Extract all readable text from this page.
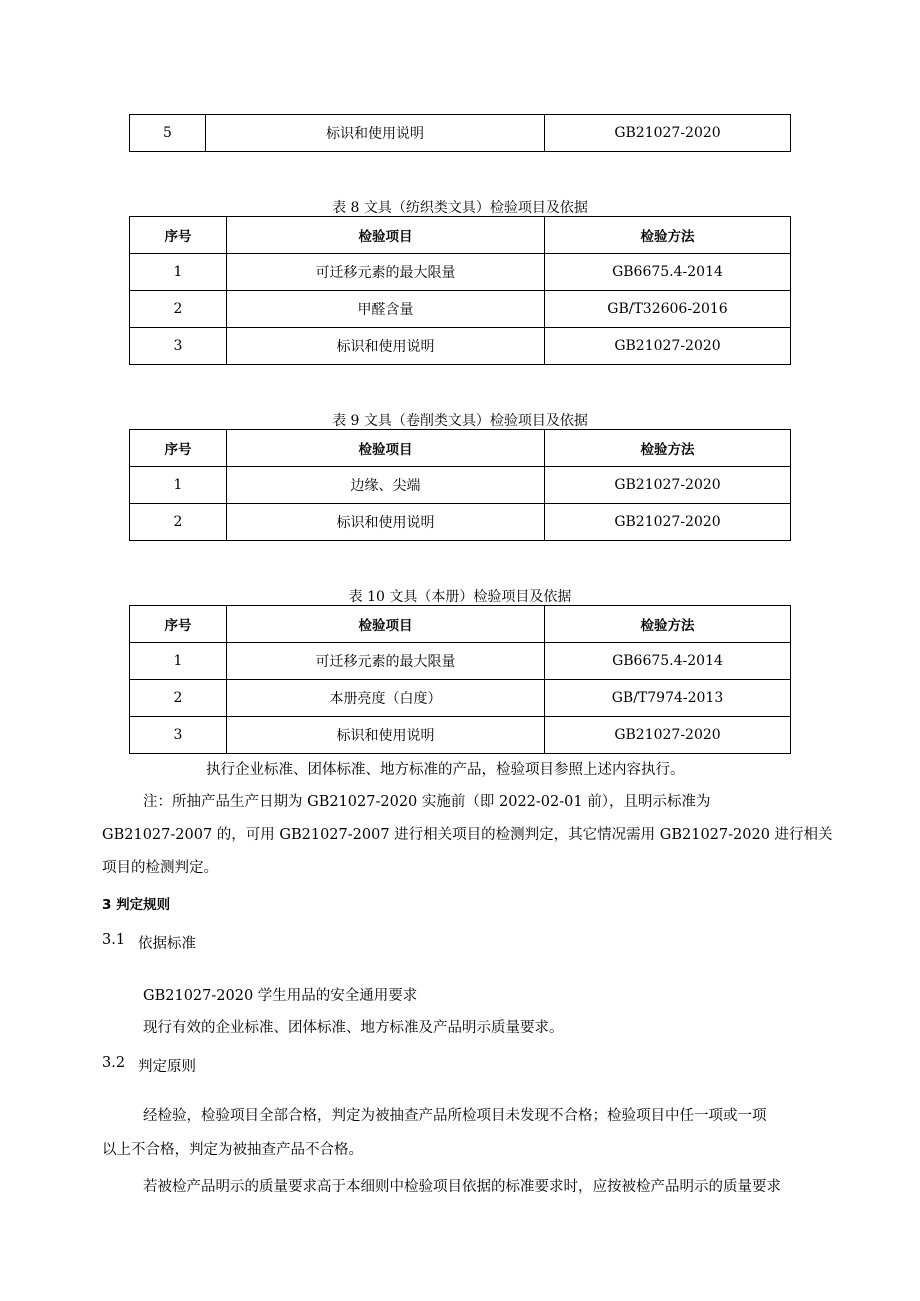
5	标识和使用说明	GB21027-2020
表 8 文具（纺织类文具）检验项目及依据
序号	检验项目	检验方法
1	可迁移元素的最大限量	GB6675.4-2014
2	甲醛含量	GB/T32606-2016
3	标识和使用说明	GB21027-2020
表 9 文具（卷削类文具）检验项目及依据
序号	检验项目	检验方法
1	边缘、尖端	GB21027-2020
2	标识和使用说明	GB21027-2020
表 10 文具（本册）检验项目及依据
序号	检验项目	检验方法
1	可迁移元素的最大限量	GB6675.4-2014
2	本册亮度（白度）	GB/T7974-2013
3	标识和使用说明	GB21027-2020
执行企业标准、团体标准、地方标准的产品，检验项目参照上述内容执行。
注：所抽产品生产日期为 GB21027-2020 实施前（即 2022-02-01 前），且明示标准为
GB21027-2007 的，可用 GB21027-2007 进行相关项目的检测判定，其它情况需用 GB21027-2020 进行相关
项目的检测判定。
3 判定规则
3.1 依据标准
GB21027-2020 学生用品的安全通用要求
现行有效的企业标准、团体标准、地方标准及产品明示质量要求。
3.2 判定原则
经检验，检验项目全部合格，判定为被抽查产品所检项目未发现不合格；检验项目中任一项或一项
以上不合格，判定为被抽查产品不合格。
若被检产品明示的质量要求高于本细则中检验项目依据的标准要求时，应按被检产品明示的质量要求
